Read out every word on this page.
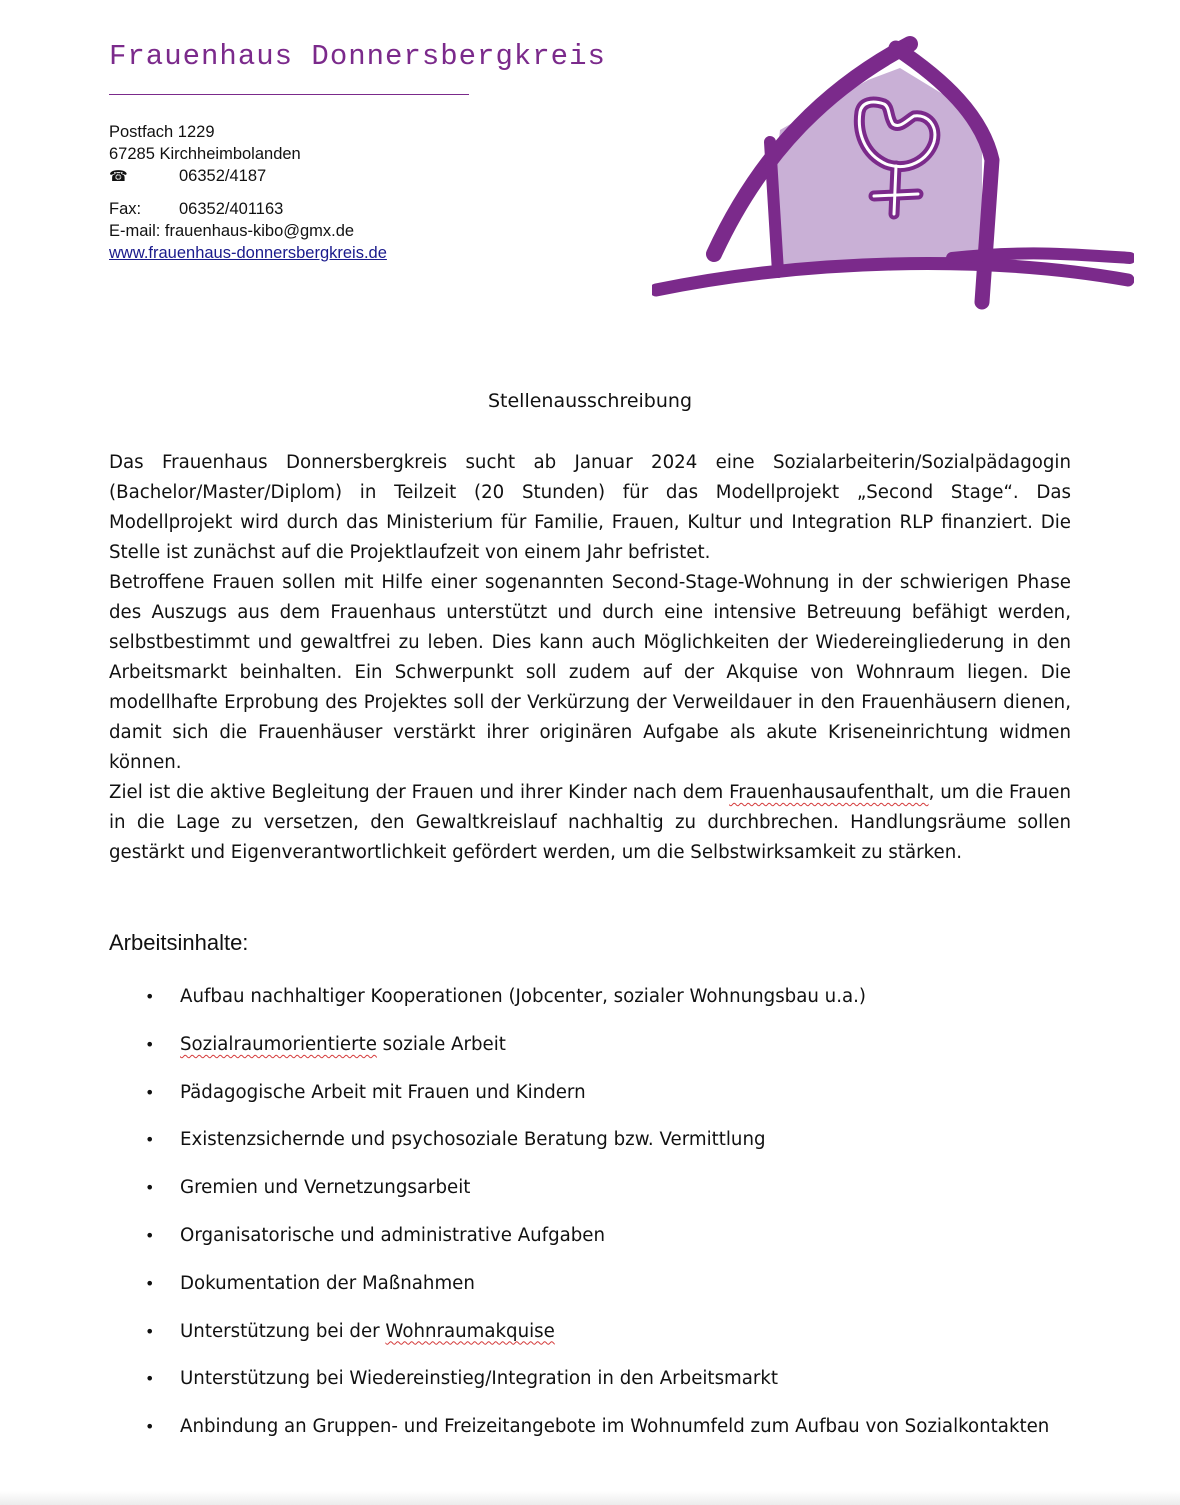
Frauenhaus Donnersbergkreis
Postfach 1229
67285 Kirchheimbolanden
☎	06352/4187
Fax: 06352/401163
E-mail: frauenhaus-kibo@gmx.de
www.frauenhaus-donnersbergkreis.de
Stellenausschreibung

Das Frauenhaus Donnersbergkreis sucht ab Januar 2024 eine Sozialarbeiterin/Sozialpädagogin (Bachelor/Master/Diplom) in Teilzeit (20 Stunden) für das Modellprojekt „Second Stage“. Das Modellprojekt wird durch das Ministerium für Familie, Frauen, Kultur und Integration RLP finanziert. Die Stelle ist zunächst auf die Projektlaufzeit von einem Jahr befristet.

Betroffene Frauen sollen mit Hilfe einer sogenannten Second-Stage-Wohnung in der schwierigen Phase des Auszugs aus dem Frauenhaus unterstützt und durch eine intensive Betreuung befähigt werden, selbstbestimmt und gewaltfrei zu leben. Dies kann auch Möglichkeiten der Wiedereingliederung in den Arbeitsmarkt beinhalten. Ein Schwerpunkt soll zudem auf der Akquise von Wohnraum liegen. Die modellhafte Erprobung des Projektes soll der Verkürzung der Verweildauer in den Frauenhäusern dienen, damit sich die Frauenhäuser verstärkt ihrer originären Aufgabe als akute Kriseneinrichtung widmen können.

Ziel ist die aktive Begleitung der Frauen und ihrer Kinder nach dem Frauenhausaufenthalt, um die Frauen in die Lage zu versetzen, den Gewaltkreislauf nachhaltig zu durchbrechen. Handlungsräume sollen gestärkt und Eigenverantwortlichkeit gefördert werden, um die Selbstwirksamkeit zu stärken.

Arbeitsinhalte:
• Aufbau nachhaltiger Kooperationen (Jobcenter, sozialer Wohnungsbau u.a.)
• Sozialraumorientierte soziale Arbeit
• Pädagogische Arbeit mit Frauen und Kindern
• Existenzsichernde und psychosoziale Beratung bzw. Vermittlung
• Gremien und Vernetzungsarbeit
• Organisatorische und administrative Aufgaben
• Dokumentation der Maßnahmen
• Unterstützung bei der Wohnraumakquise
• Unterstützung bei Wiedereinstieg/Integration in den Arbeitsmarkt
• Anbindung an Gruppen- und Freizeitangebote im Wohnumfeld zum Aufbau von Sozialkontakten
